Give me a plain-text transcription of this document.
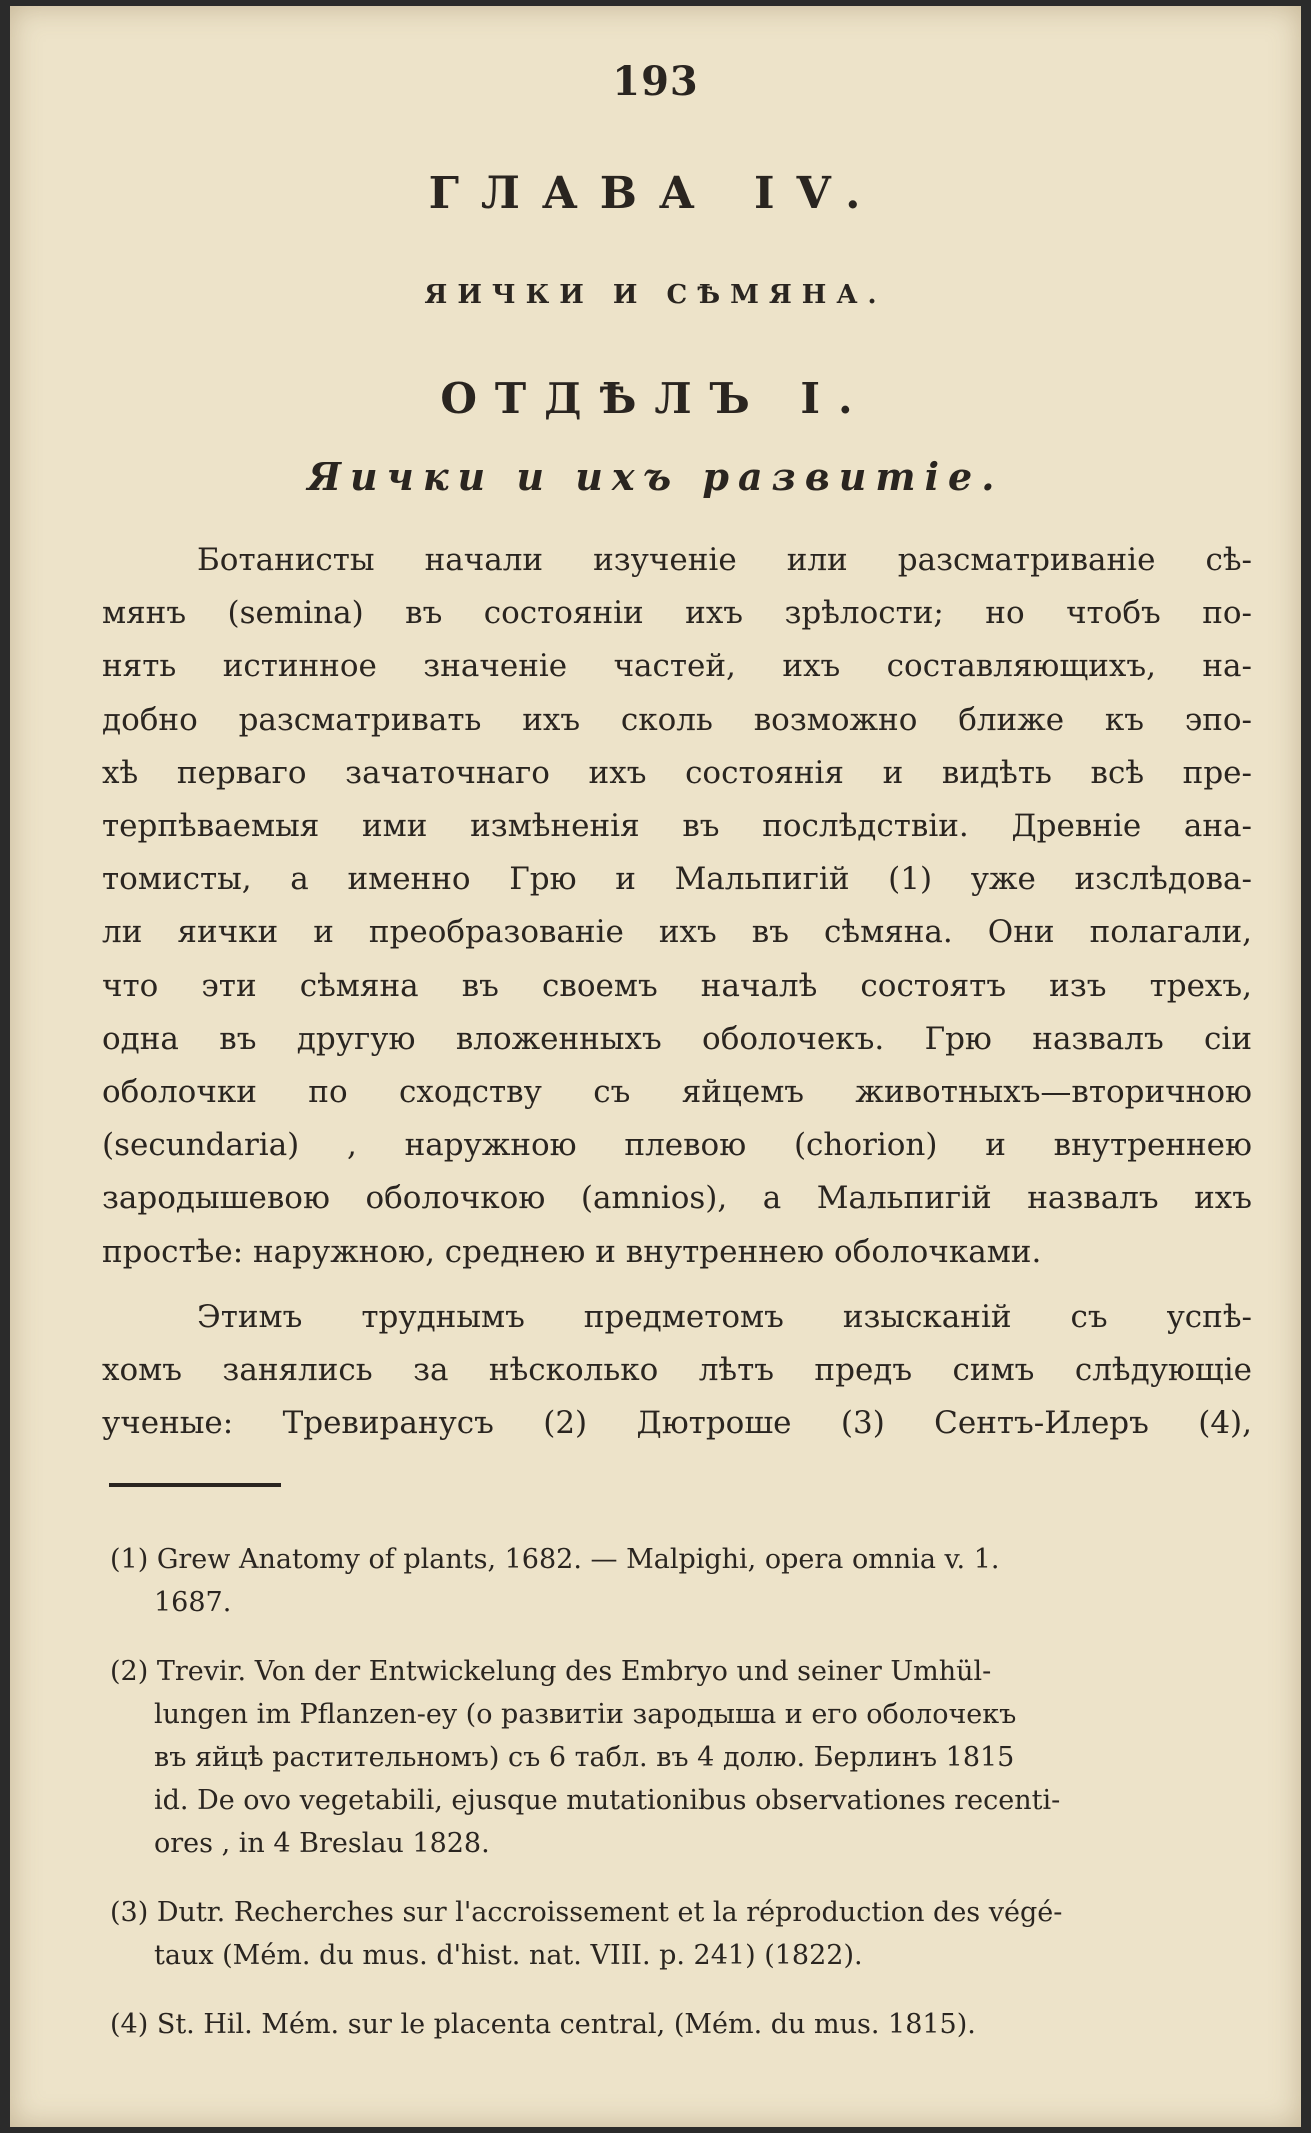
193
ГЛАВА IV.
ЯИЧКИ И СѢМЯНА.
ОТДѢЛЪ I.
Яички и ихъ развитіе.
Ботанисты начали изученіе или разсматриваніе сѣ-
мянъ (semina) въ состояніи ихъ зрѣлости; но чтобъ по-
нять истинное значеніе частей, ихъ составляющихъ, на-
добно разсматривать ихъ сколь возможно ближе къ эпо-
хѣ перваго зачаточнаго ихъ состоянія и видѣть всѣ пре-
терпѣваемыя ими измѣненія въ послѣдствіи. Древніе ана-
томисты, а именно Грю и Мальпигій (1) уже изслѣдова-
ли яички и преобразованіе ихъ въ сѣмяна. Они полагали,
что эти сѣмяна въ своемъ началѣ состоятъ изъ трехъ,
одна въ другую вложенныхъ оболочекъ. Грю назвалъ сіи
оболочки по сходству съ яйцемъ животныхъ—вторичною
(secundaria) , наружною плевою (chorion) и внутреннею
зародышевою оболочкою (amnios), а Мальпигій назвалъ ихъ
простѣе: наружною, среднею и внутреннею оболочками.
Этимъ труднымъ предметомъ изысканій съ успѣ-
хомъ занялись за нѣсколько лѣтъ предъ симъ слѣдующіе
ученые: Тревиранусъ (2) Дютроше (3) Сентъ-Илеръ (4),
(1) Grew Anatomy of plants, 1682. — Malpighi, opera omnia v. 1.
1687.
(2) Trevir. Von der Entwickelung des Embryo und seiner Umhül-
lungen im Pflanzen-ey (о развитіи зародыша и его оболочекъ
въ яйцѣ растительномъ) съ 6 табл. въ 4 долю. Берлинъ 1815
id. De ovo vegetabili, ejusque mutationibus observationes recenti-
ores , in 4 Breslau 1828.
(3) Dutr. Recherches sur l'accroissement et la réproduction des végé-
taux (Mém. du mus. d'hist. nat. VIII. p. 241) (1822).
(4) St. Hil. Mém. sur le placenta central, (Mém. du mus. 1815).
